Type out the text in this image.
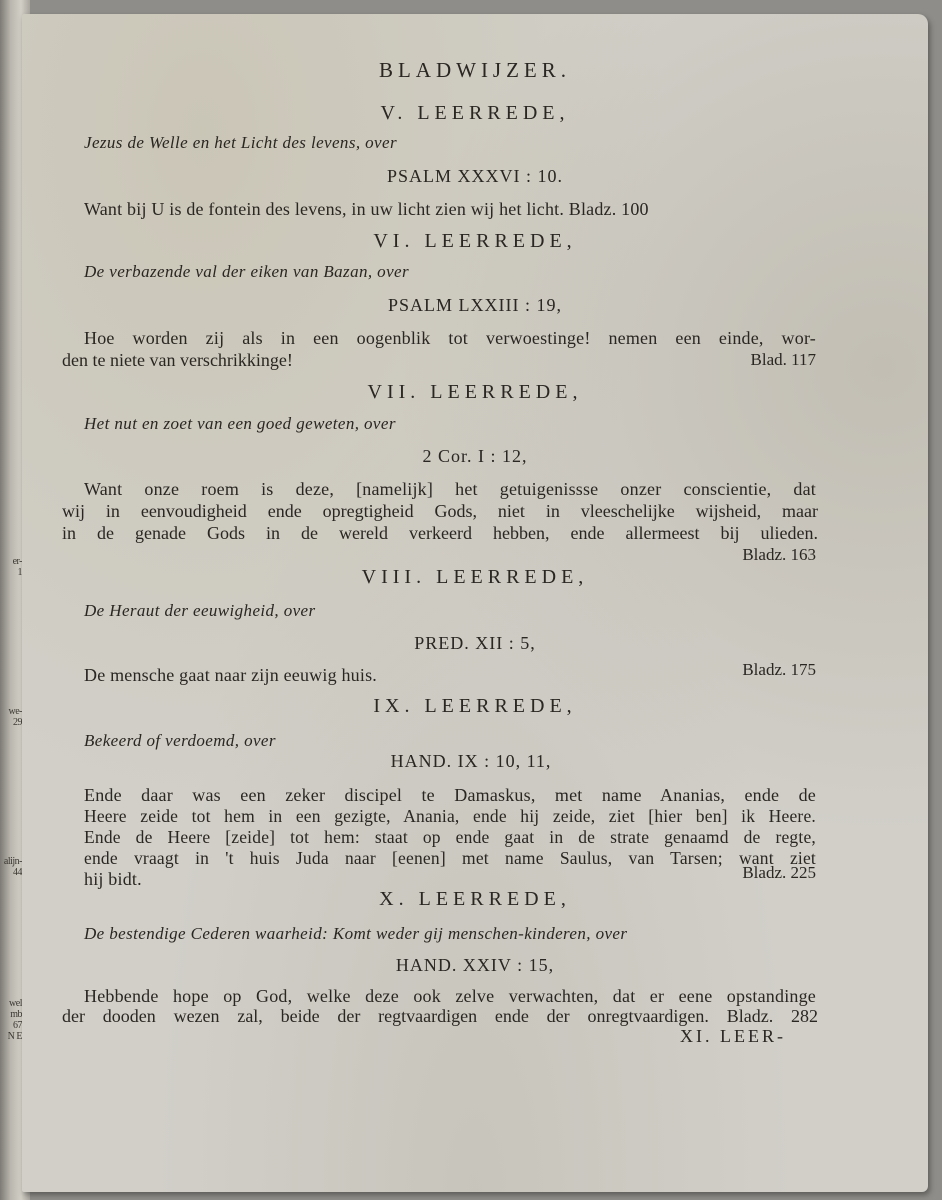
er-
1
we-
29
alijn-
44
wel
mb
67
N E
BLADWIJZER.
V. LEERREDE,
Jezus de Welle en het Licht des levens, over
PSALM XXXVI : 10.
Want bij U is de fontein des levens, in uw licht zien wij het licht. Bladz. 100
VI. LEERREDE,
De verbazende val der eiken van Bazan, over
PSALM LXXIII : 19,
Hoe worden zij als in een oogenblik tot verwoestinge! nemen een einde, wor-
den te niete van verschrikkinge!	Blad. 117
VII. LEERREDE,
Het nut en zoet van een goed geweten, over
2 Cor. I : 12,
Want onze roem is deze, [namelijk] het getuigenissse onzer conscientie, dat
wij in eenvoudigheid ende opregtigheid Gods, niet in vleeschelijke wijsheid, maar
in de genade Gods in de wereld verkeerd hebben, ende allermeest bij ulieden.
Bladz. 163
VIII. LEERREDE,
De Heraut der eeuwigheid, over
PRED. XII : 5,
De mensche gaat naar zijn eeuwig huis.	Bladz. 175
IX. LEERREDE,
Bekeerd of verdoemd, over
HAND. IX : 10, 11,
Ende daar was een zeker discipel te Damaskus, met name Ananias, ende de
Heere zeide tot hem in een gezigte, Anania, ende hij zeide, ziet [hier ben] ik Heere.
Ende de Heere [zeide] tot hem: staat op ende gaat in de strate genaamd de regte,
ende vraagt in 't huis Juda naar [eenen] met name Saulus, van Tarsen; want ziet
hij bidt.	Bladz. 225
X. LEERREDE,
De bestendige Cederen waarheid: Komt weder gij menschen-kinderen, over
HAND. XXIV : 15,
Hebbende hope op God, welke deze ook zelve verwachten, dat er eene opstandinge
der dooden wezen zal, beide der regtvaardigen ende der onregtvaardigen. Bladz. 282
XI. LEER-
